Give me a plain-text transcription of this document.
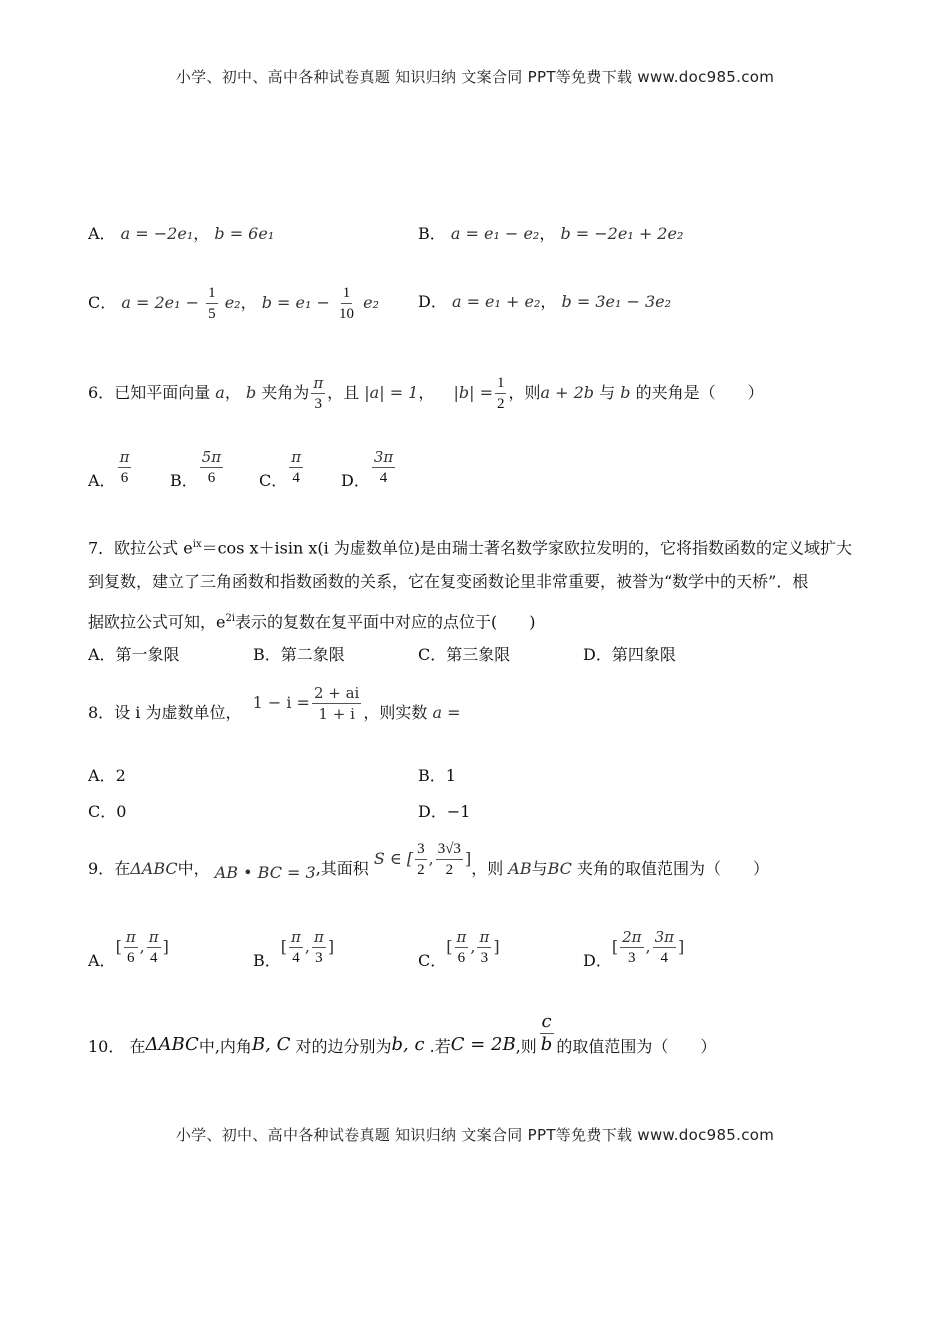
小学、初中、高中各种试卷真题 知识归纳 文案合同 PPT等免费下载 www.doc985.com
A． a = −2e₁， b = 6e₁	B． a = e₁ − e₂， b = −2e₁ + 2e₂
C． $a = 2e_1 - \frac{1}{5} e_2$， $b = e_1 - \frac{1}{10} e_2$ D． a = e₁ + e₂， b = 3e₁ − 3e₂
6．已知平面向量 a， b 夹角为 $\frac{\pi}{3}$ ，且 |a| = 1， $|b| = \frac{1}{2}$ ，则a + 2b 与 b 的夹角是（　　）
A． $\frac{\pi}{6}$ B． $\frac{5\pi}{6}$ C． $\frac{\pi}{4}$ D． $\frac{3\pi}{4}$
7．欧拉公式 $e^{ix}=\cos$ x＋isin x(i 为虚数单位)是由瑞士著名数学家欧拉发明的，它将指数函数的定义域扩大
到复数，建立了三角函数和指数函数的关系，它在复变函数论里非常重要，被誉为“数学中的天桥”．根
据欧拉公式可知，$e^{2i}$表示的复数在复平面中对应的点位于(　　)
A．第一象限	B．第二象限	C．第三象限	D．第四象限
8．设 i 为虚数单位， $1 - i = \frac{2 + ai}{1 + i}$ ，则实数 a =
A．2	B．1
C．0	D．−1
9．在ΔABC中， AB • BC = 3,其面积 S ∈ [ $\frac{3}{2}$ , $\frac{3√3}{2}$ ]，则 AB与BC 夹角的取值范围为（　　）
A．[ $\frac{\pi}{6}$ , $\frac{\pi}{4}$ ]
B．[ $\frac{\pi}{4}$ , $\frac{\pi}{3}$ ]
C．[ $\frac{\pi}{6}$ , $\frac{\pi}{3}$ ]
D．[ $\frac{2\pi}{3}$ , $\frac{3\pi}{4}$ ]
10． 在ΔABC中,内角B, C 对的边分别为b, c .若C = 2B,则 $\frac{c}{b}$ 的取值范围为（　　）
小学、初中、高中各种试卷真题 知识归纳 文案合同 PPT等免费下载 www.doc985.com
